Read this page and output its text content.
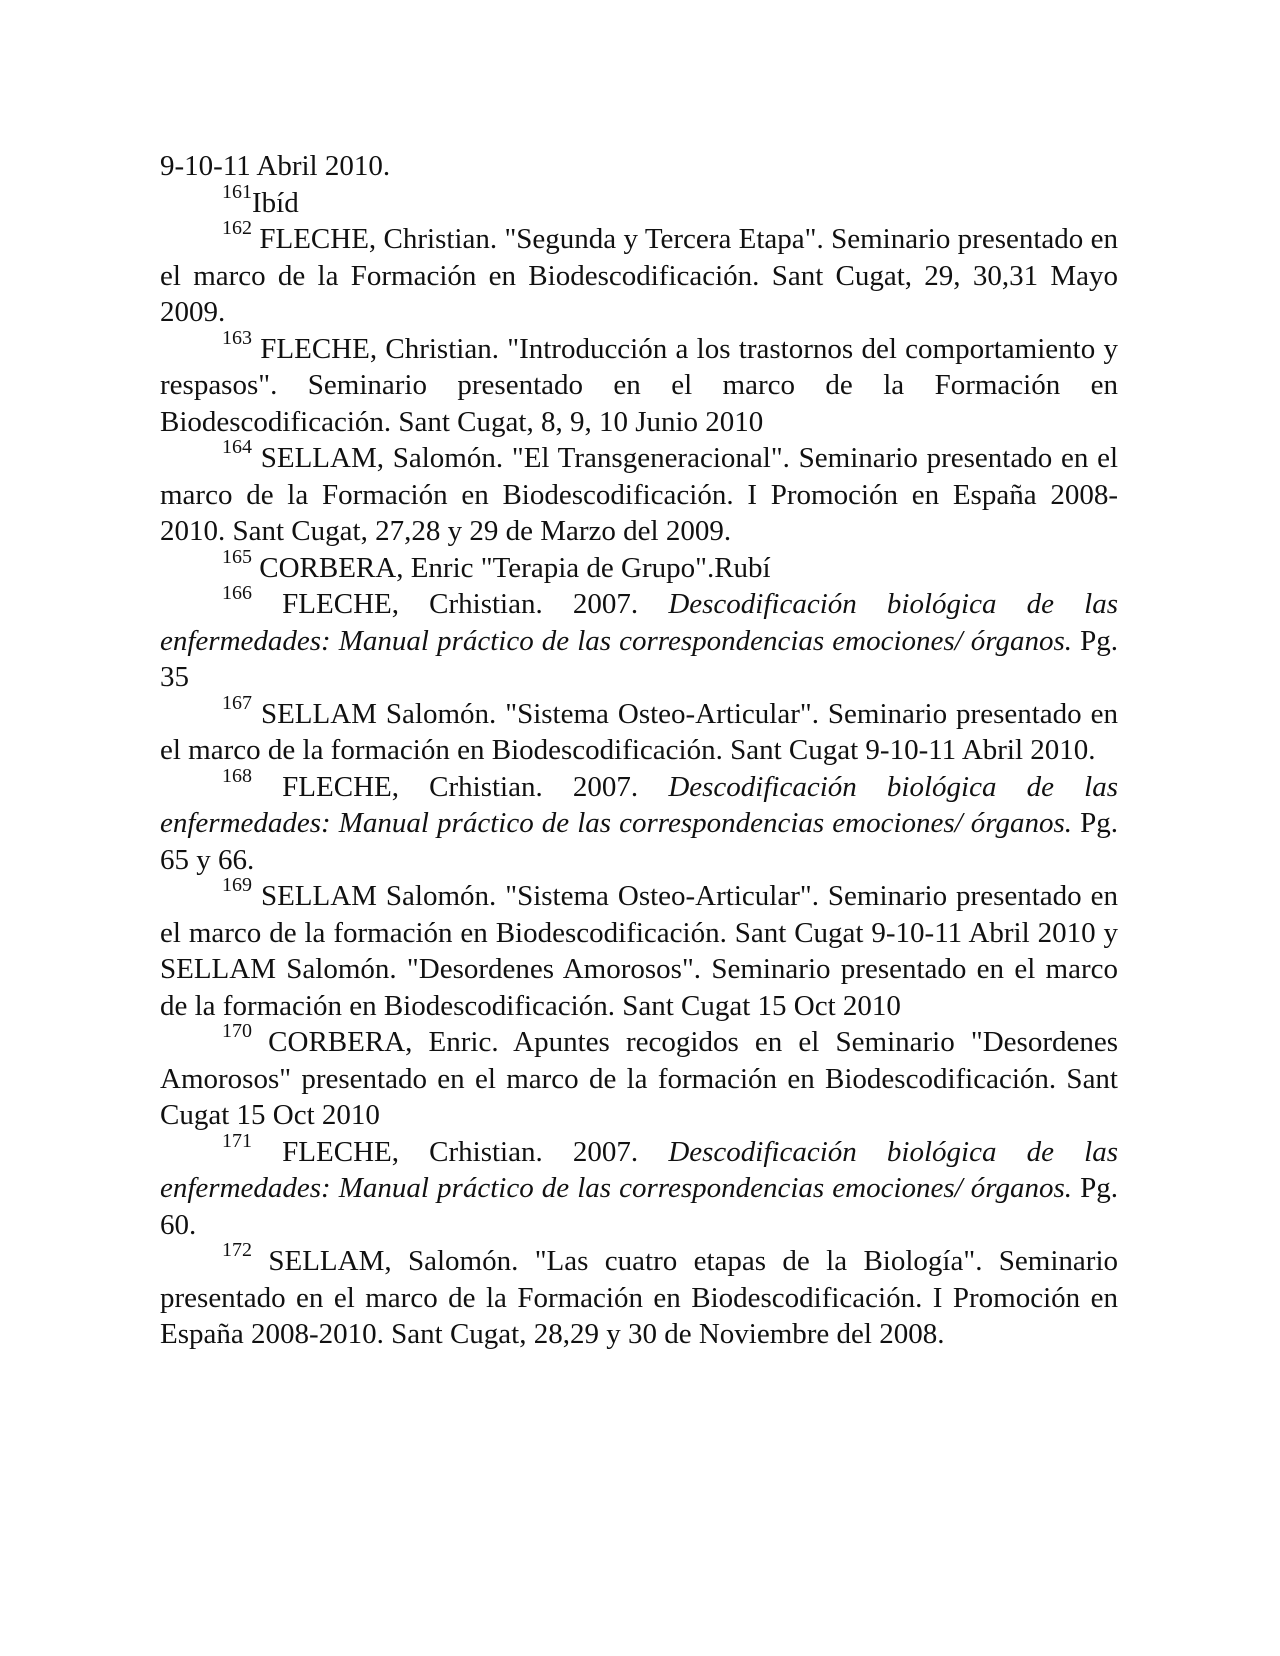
9-10-11 Abril 2010.

$^{161}$Ibíd

$^{162}$ FLECHE, Christian. "Segunda y Tercera Etapa". Seminario presentado en el marco de la Formación en Biodescodificación. Sant Cugat, 29, 30,31 Mayo 2009.

$^{163}$ FLECHE, Christian. "Introducción a los trastornos del comportamiento y respasos". Seminario presentado en el marco de la Formación en Biodescodificación. Sant Cugat, 8, 9, 10 Junio 2010

$^{164}$ SELLAM, Salomón. "El Transgeneracional". Seminario presentado en el marco de la Formación en Biodescodificación. I Promoción en España 2008-2010. Sant Cugat, 27,28 y 29 de Marzo del 2009.

$^{165}$ CORBERA, Enric "Terapia de Grupo".Rubí

$^{166}$ FLECHE, Crhistian. 2007. Descodificación biológica de las enfermedades: Manual práctico de las correspondencias emociones/ órganos. Pg. 35

$^{167}$ SELLAM Salomón. "Sistema Osteo-Articular". Seminario presentado en el marco de la formación en Biodescodificación. Sant Cugat 9-10-11 Abril 2010.

$^{168}$ FLECHE, Crhistian. 2007. Descodificación biológica de las enfermedades: Manual práctico de las correspondencias emociones/ órganos. Pg. 65 y 66.

$^{169}$ SELLAM Salomón. "Sistema Osteo-Articular". Seminario presentado en el marco de la formación en Biodescodificación. Sant Cugat 9-10-11 Abril 2010 y SELLAM Salomón. "Desordenes Amorosos". Seminario presentado en el marco de la formación en Biodescodificación. Sant Cugat 15 Oct 2010

$^{170}$ CORBERA, Enric. Apuntes recogidos en el Seminario "Desordenes Amorosos" presentado en el marco de la formación en Biodescodificación. Sant Cugat 15 Oct 2010

$^{171}$ FLECHE, Crhistian. 2007. Descodificación biológica de las enfermedades: Manual práctico de las correspondencias emociones/ órganos. Pg. 60.

$^{172}$ SELLAM, Salomón. "Las cuatro etapas de la Biología". Seminario presentado en el marco de la Formación en Biodescodificación. I Promoción en España 2008-2010. Sant Cugat, 28,29 y 30 de Noviembre del 2008.
